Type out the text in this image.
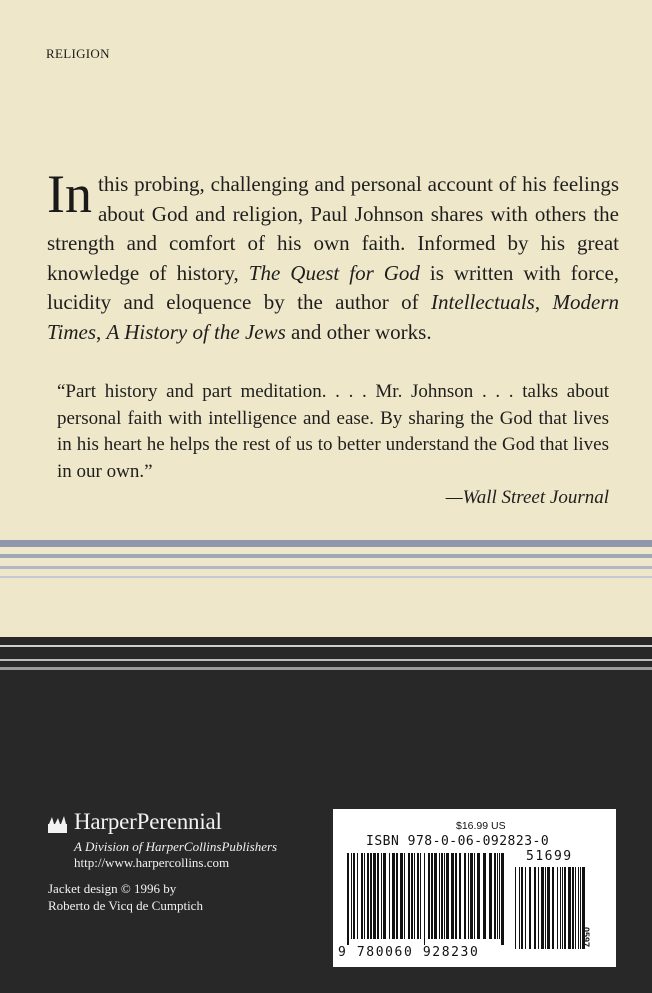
RELIGION
In this probing, challenging and personal account of his feelings about God and religion, Paul Johnson shares with others the strength and comfort of his own faith. Informed by his great knowledge of history, The Quest for God is written with force, lucidity and eloquence by the author of Intellectuals, Modern Times, A History of the Jews and other works.
“Part history and part meditation. . . . Mr. Johnson . . . talks about personal faith with intelligence and ease. By sharing the God that lives in his heart he helps the rest of us to better understand the God that lives in our own.”
—Wall Street Journal
HarperPerennial
A Division of HarperCollinsPublishers
http://www.harpercollins.com
Jacket design © 1996 by
Roberto de Vicq de Cumptich
$16.99 US
ISBN 978-0-06-092823-0
51699
9 780060 928230
0597
